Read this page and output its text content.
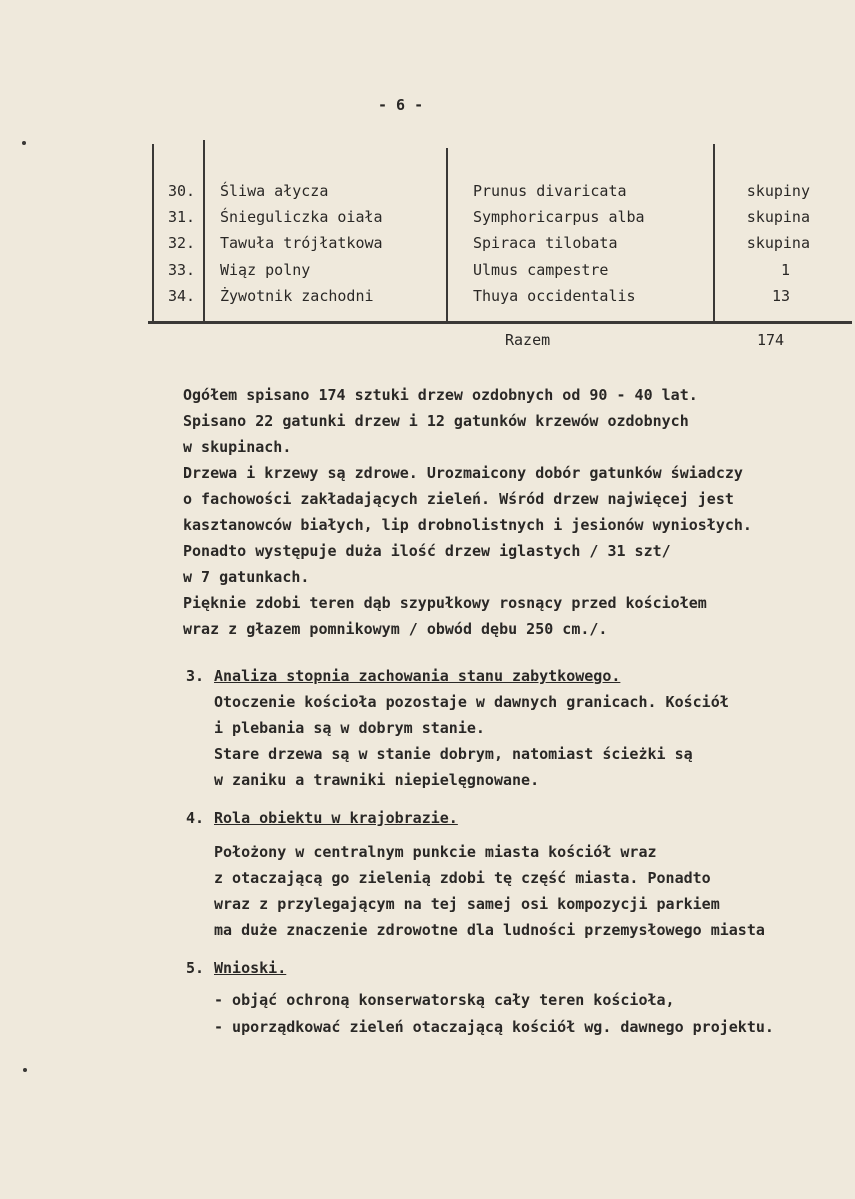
- 6 -
30. Śliwa ałycza	Prunus divaricata	skupiny
31. Śnieguliczka oiała	Symphoricarpus alba	skupina
32. Tawuła trójłatkowa	Spiraca tilobata	skupina
33. Wiąz polny	Ulmus campestre	1
34. Żywotnik zachodni	Thuya occidentalis	13
Razem	174
Ogółem spisano 174 sztuki drzew ozdobnych od 90 - 40 lat.
Spisano 22 gatunki drzew i 12 gatunków krzewów ozdobnych
w skupinach.
Drzewa i krzewy są zdrowe. Urozmaicony dobór gatunków świadczy
o fachowości zakładających zieleń. Wśród drzew najwięcej jest
kasztanowców białych, lip drobnolistnych i jesionów wyniosłych.
Ponadto występuje duża ilość drzew iglastych / 31 szt/
w 7 gatunkach.
Pięknie zdobi teren dąb szypułkowy rosnący przed kościołem
wraz z głazem pomnikowym / obwód dębu 250 cm./.
3. Analiza stopnia zachowania stanu zabytkowego.
Otoczenie kościoła pozostaje w dawnych granicach. Kościół
i plebania są w dobrym stanie.
Stare drzewa są w stanie dobrym, natomiast ścieżki są
w zaniku a trawniki niepielęgnowane.
4. Rola obiektu w krajobrazie.
Położony w centralnym punkcie miasta kościół wraz
z otaczającą go zielenią zdobi tę część miasta. Ponadto
wraz z przylegającym na tej samej osi kompozycji parkiem
ma duże znaczenie zdrowotne dla ludności przemysłowego miasta
5. Wnioski.
- objąć ochroną konserwatorską cały teren kościoła,
- uporządkować zieleń otaczającą kościół wg. dawnego projektu.
